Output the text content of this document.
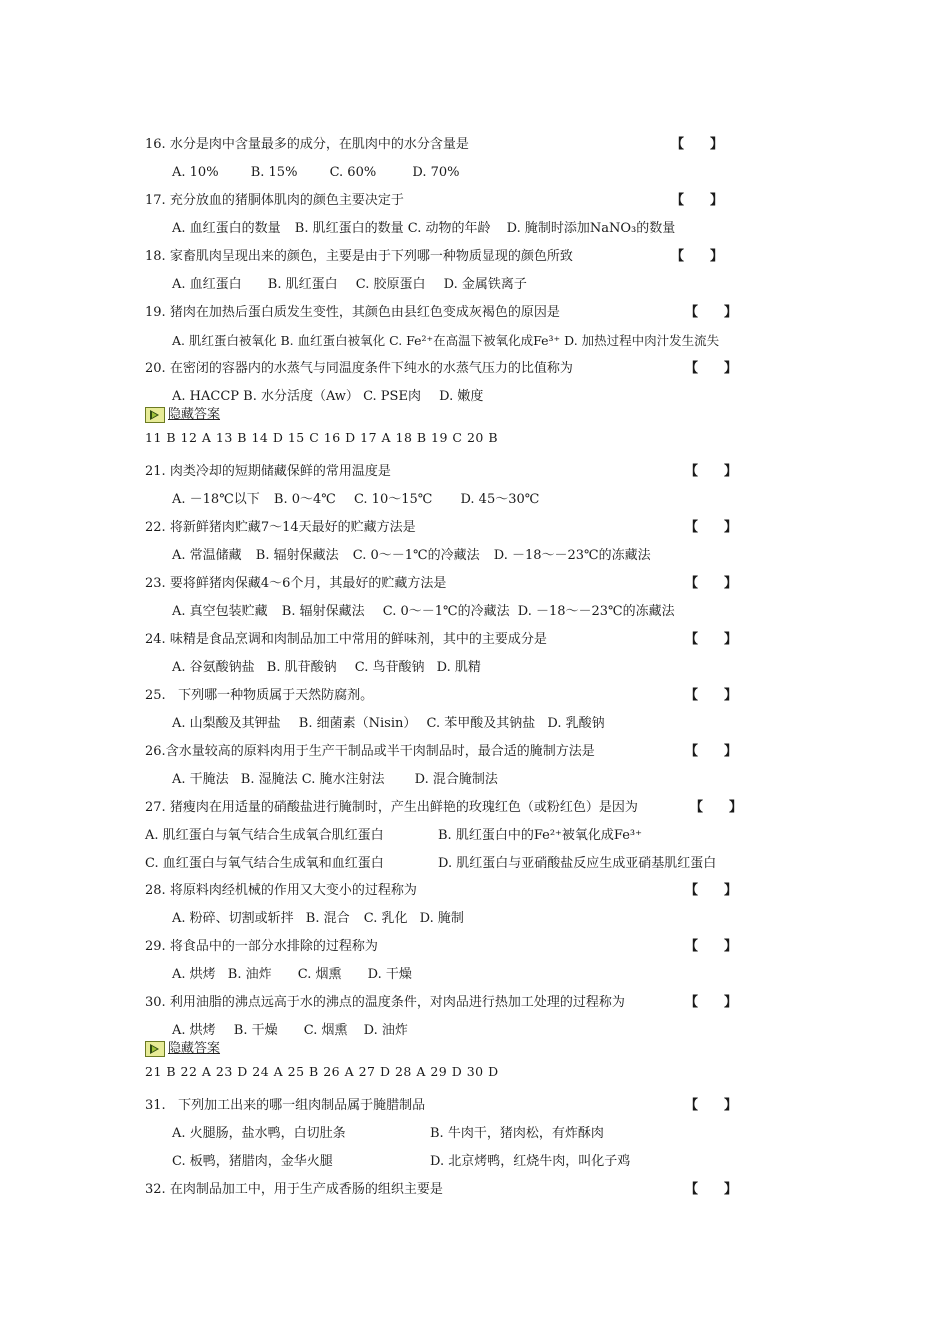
16. 水分是肉中含量最多的成分，在肌肉中的水分含量是	【　　】
A. 10% B. 15% C. 60%	D. 70%
17. 充分放血的猪胴体肌肉的颜色主要决定于	【　　】
A. 血红蛋白的数量 B. 肌红蛋白的数量 C. 动物的年龄 D. 腌制时添加NaNO₃的数量
18. 家畜肌肉呈现出来的颜色，主要是由于下列哪一种物质显现的颜色所致	【　　】
A. 血红蛋白 B. 肌红蛋白 C. 胶原蛋白 D. 金属铁离子
19. 猪肉在加热后蛋白质发生变性，其颜色由县红色变成灰褐色的原因是	【　　】
A. 肌红蛋白被氧化 B. 血红蛋白被氧化 C. Fe²⁺在高温下被氧化成Fe³⁺ D. 加热过程中肉汁发生流失
20. 在密闭的容器内的水蒸气与同温度条件下纯水的水蒸气压力的比值称为	【　　】
A. HACCP B. 水分活度（Aw） C. PSE肉 D. 嫩度
隐藏答案
11 B 12 A 13 B 14 D 15 C 16 D 17 A 18 B 19 C 20 B
21. 肉类冷却的短期储藏保鲜的常用温度是	【　　】
A. －18℃以下 B. 0～4℃ C. 10～15℃ D. 45～30℃
22. 将新鲜猪肉贮藏7～14天最好的贮藏方法是	【　　】
A. 常温储藏 B. 辐射保藏法 C. 0～－1℃的冷藏法 D. －18～－23℃的冻藏法
23. 要将鲜猪肉保藏4～6个月，其最好的贮藏方法是	【　　】
A. 真空包装贮藏 B. 辐射保藏法 C. 0～－1℃的冷藏法 D. －18～－23℃的冻藏法
24. 味精是食品烹调和肉制品加工中常用的鲜味剂，其中的主要成分是	【　　】
A. 谷氨酸钠盐 B. 肌苷酸钠 C. 鸟苷酸钠 D. 肌精
25.   下列哪一种物质属于天然防腐剂。	【　　】
A. 山梨酸及其钾盐 B. 细菌素（Nisin） C. 苯甲酸及其钠盐 D. 乳酸钠
26.含水量较高的原料肉用于生产干制品或半干肉制品时，最合适的腌制方法是	【　　】
A. 干腌法 B. 湿腌法 C. 腌水注射法 D. 混合腌制法
27. 猪瘦肉在用适量的硝酸盐进行腌制时，产生出鲜艳的玫瑰红色（或粉红色）是因为	【　　】
A. 肌红蛋白与氧气结合生成氧合肌红蛋白	B. 肌红蛋白中的Fe²⁺被氧化成Fe³⁺
C. 血红蛋白与氧气结合生成氧和血红蛋白	D. 肌红蛋白与亚硝酸盐反应生成亚硝基肌红蛋白
28. 将原料肉经机械的作用又大变小的过程称为	【　　】
A. 粉碎、切割或斩拌 B. 混合 C. 乳化 D. 腌制
29. 将食品中的一部分水排除的过程称为	【　　】
A. 烘烤 B. 油炸 C. 烟熏 D. 干燥
30. 利用油脂的沸点远高于水的沸点的温度条件，对肉品进行热加工处理的过程称为	【　　】
A. 烘烤 B. 干燥 C. 烟熏 D. 油炸
隐藏答案
21 B 22 A 23 D 24 A 25 B 26 A 27 D 28 A 29 D 30 D
31.   下列加工出来的哪一组肉制品属于腌腊制品	【　　】
A. 火腿肠，盐水鸭，白切肚条	B. 牛肉干，猪肉松，有炸酥肉
C. 板鸭，猪腊肉，金华火腿	D. 北京烤鸭，红烧牛肉，叫化子鸡
32. 在肉制品加工中，用于生产成香肠的组织主要是	【　　】
